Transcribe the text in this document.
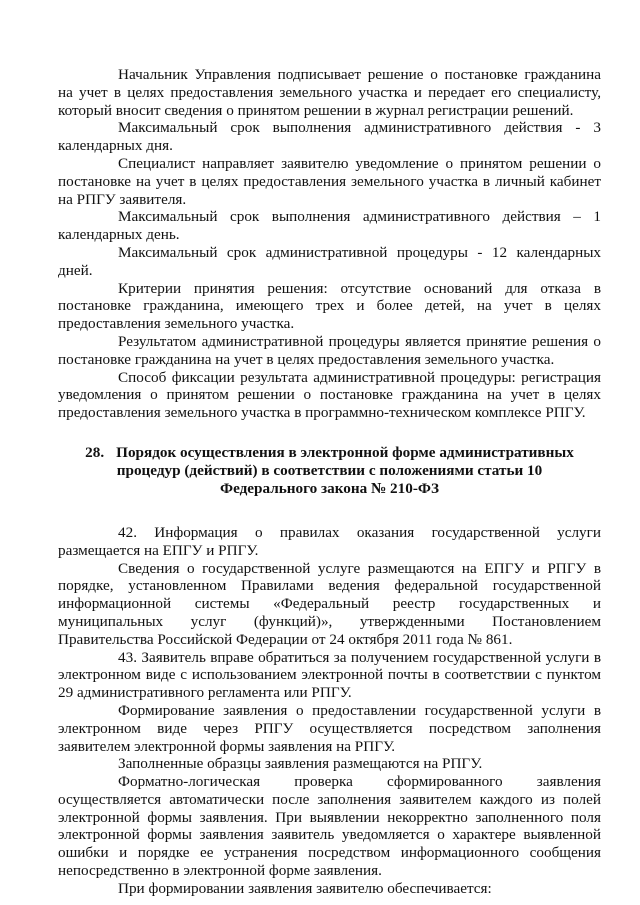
Начальник Управления подписывает решение о постановке гражданина на учет в целях предоставления земельного участка и передает его специалисту, который вносит сведения о принятом решении в журнал регистрации решений.

Максимальный срок выполнения административного действия - 3 календарных дня.

Специалист направляет заявителю уведомление о принятом решении о постановке на учет в целях предоставления земельного участка в личный кабинет на РПГУ заявителя.

Максимальный срок выполнения административного действия – 1 календарных день.

Максимальный срок административной процедуры - 12 календарных дней.

Критерии принятия решения: отсутствие оснований для отказа в постановке гражданина, имеющего трех и более детей, на учет в целях предоставления земельного участка.

Результатом административной процедуры является принятие решения о постановке гражданина на учет в целях предоставления земельного участка.

Способ фиксации результата административной процедуры: регистрация уведомления о принятом решении о постановке гражданина на учет в целях предоставления земельного участка в программно-техническом комплексе РПГУ.

28. Порядок осуществления в электронной форме административных процедур (действий) в соответствии с положениями статьи 10 Федерального закона № 210-ФЗ

42. Информация о правилах оказания государственной услуги размещается на ЕПГУ и РПГУ.

Сведения о государственной услуге размещаются на ЕПГУ и РПГУ в порядке, установленном Правилами ведения федеральной государственной информационной системы «Федеральный реестр государственных и муниципальных услуг (функций)», утвержденными Постановлением Правительства Российской Федерации от 24 октября 2011 года № 861.

43. Заявитель вправе обратиться за получением государственной услуги в электронном виде с использованием электронной почты в соответствии с пунктом 29 административного регламента или РПГУ.

Формирование заявления о предоставлении государственной услуги в электронном виде через РПГУ осуществляется посредством заполнения заявителем электронной формы заявления на РПГУ.

Заполненные образцы заявления размещаются на РПГУ.

Форматно-логическая проверка сформированного заявления осуществляется автоматически после заполнения заявителем каждого из полей электронной формы заявления. При выявлении некорректно заполненного поля электронной формы заявления заявитель уведомляется о характере выявленной ошибки и порядке ее устранения посредством информационного сообщения непосредственно в электронной форме заявления.

При формировании заявления заявителю обеспечивается:
